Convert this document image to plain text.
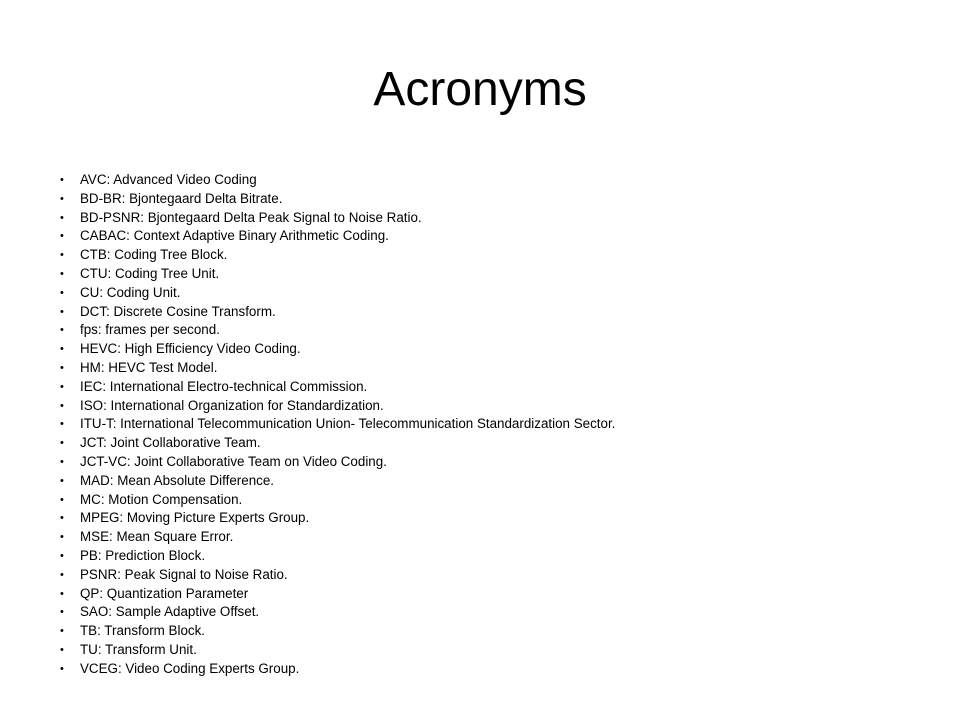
Acronyms
•	AVC: Advanced Video Coding
•	BD-BR: Bjontegaard Delta Bitrate.
•	BD-PSNR: Bjontegaard Delta Peak Signal to Noise Ratio.
•	CABAC: Context Adaptive Binary Arithmetic Coding.
•	CTB: Coding Tree Block.
•	CTU: Coding Tree Unit.
•	CU: Coding Unit.
•	DCT: Discrete Cosine Transform.
•	fps: frames per second.
•	HEVC: High Efficiency Video Coding.
•	HM: HEVC Test Model.
•	IEC: International Electro-technical Commission.
•	ISO: International Organization for Standardization.
•	ITU-T: International Telecommunication Union- Telecommunication Standardization Sector.
•	JCT: Joint Collaborative Team.
•	JCT-VC: Joint Collaborative Team on Video Coding.
•	MAD: Mean Absolute Difference.
•	MC: Motion Compensation.
•	MPEG: Moving Picture Experts Group.
•	MSE: Mean Square Error.
•	PB: Prediction Block.
•	PSNR: Peak Signal to Noise Ratio.
•	QP: Quantization Parameter
•	SAO: Sample Adaptive Offset.
•	TB: Transform Block.
•	TU: Transform Unit.
•	VCEG: Video Coding Experts Group.
